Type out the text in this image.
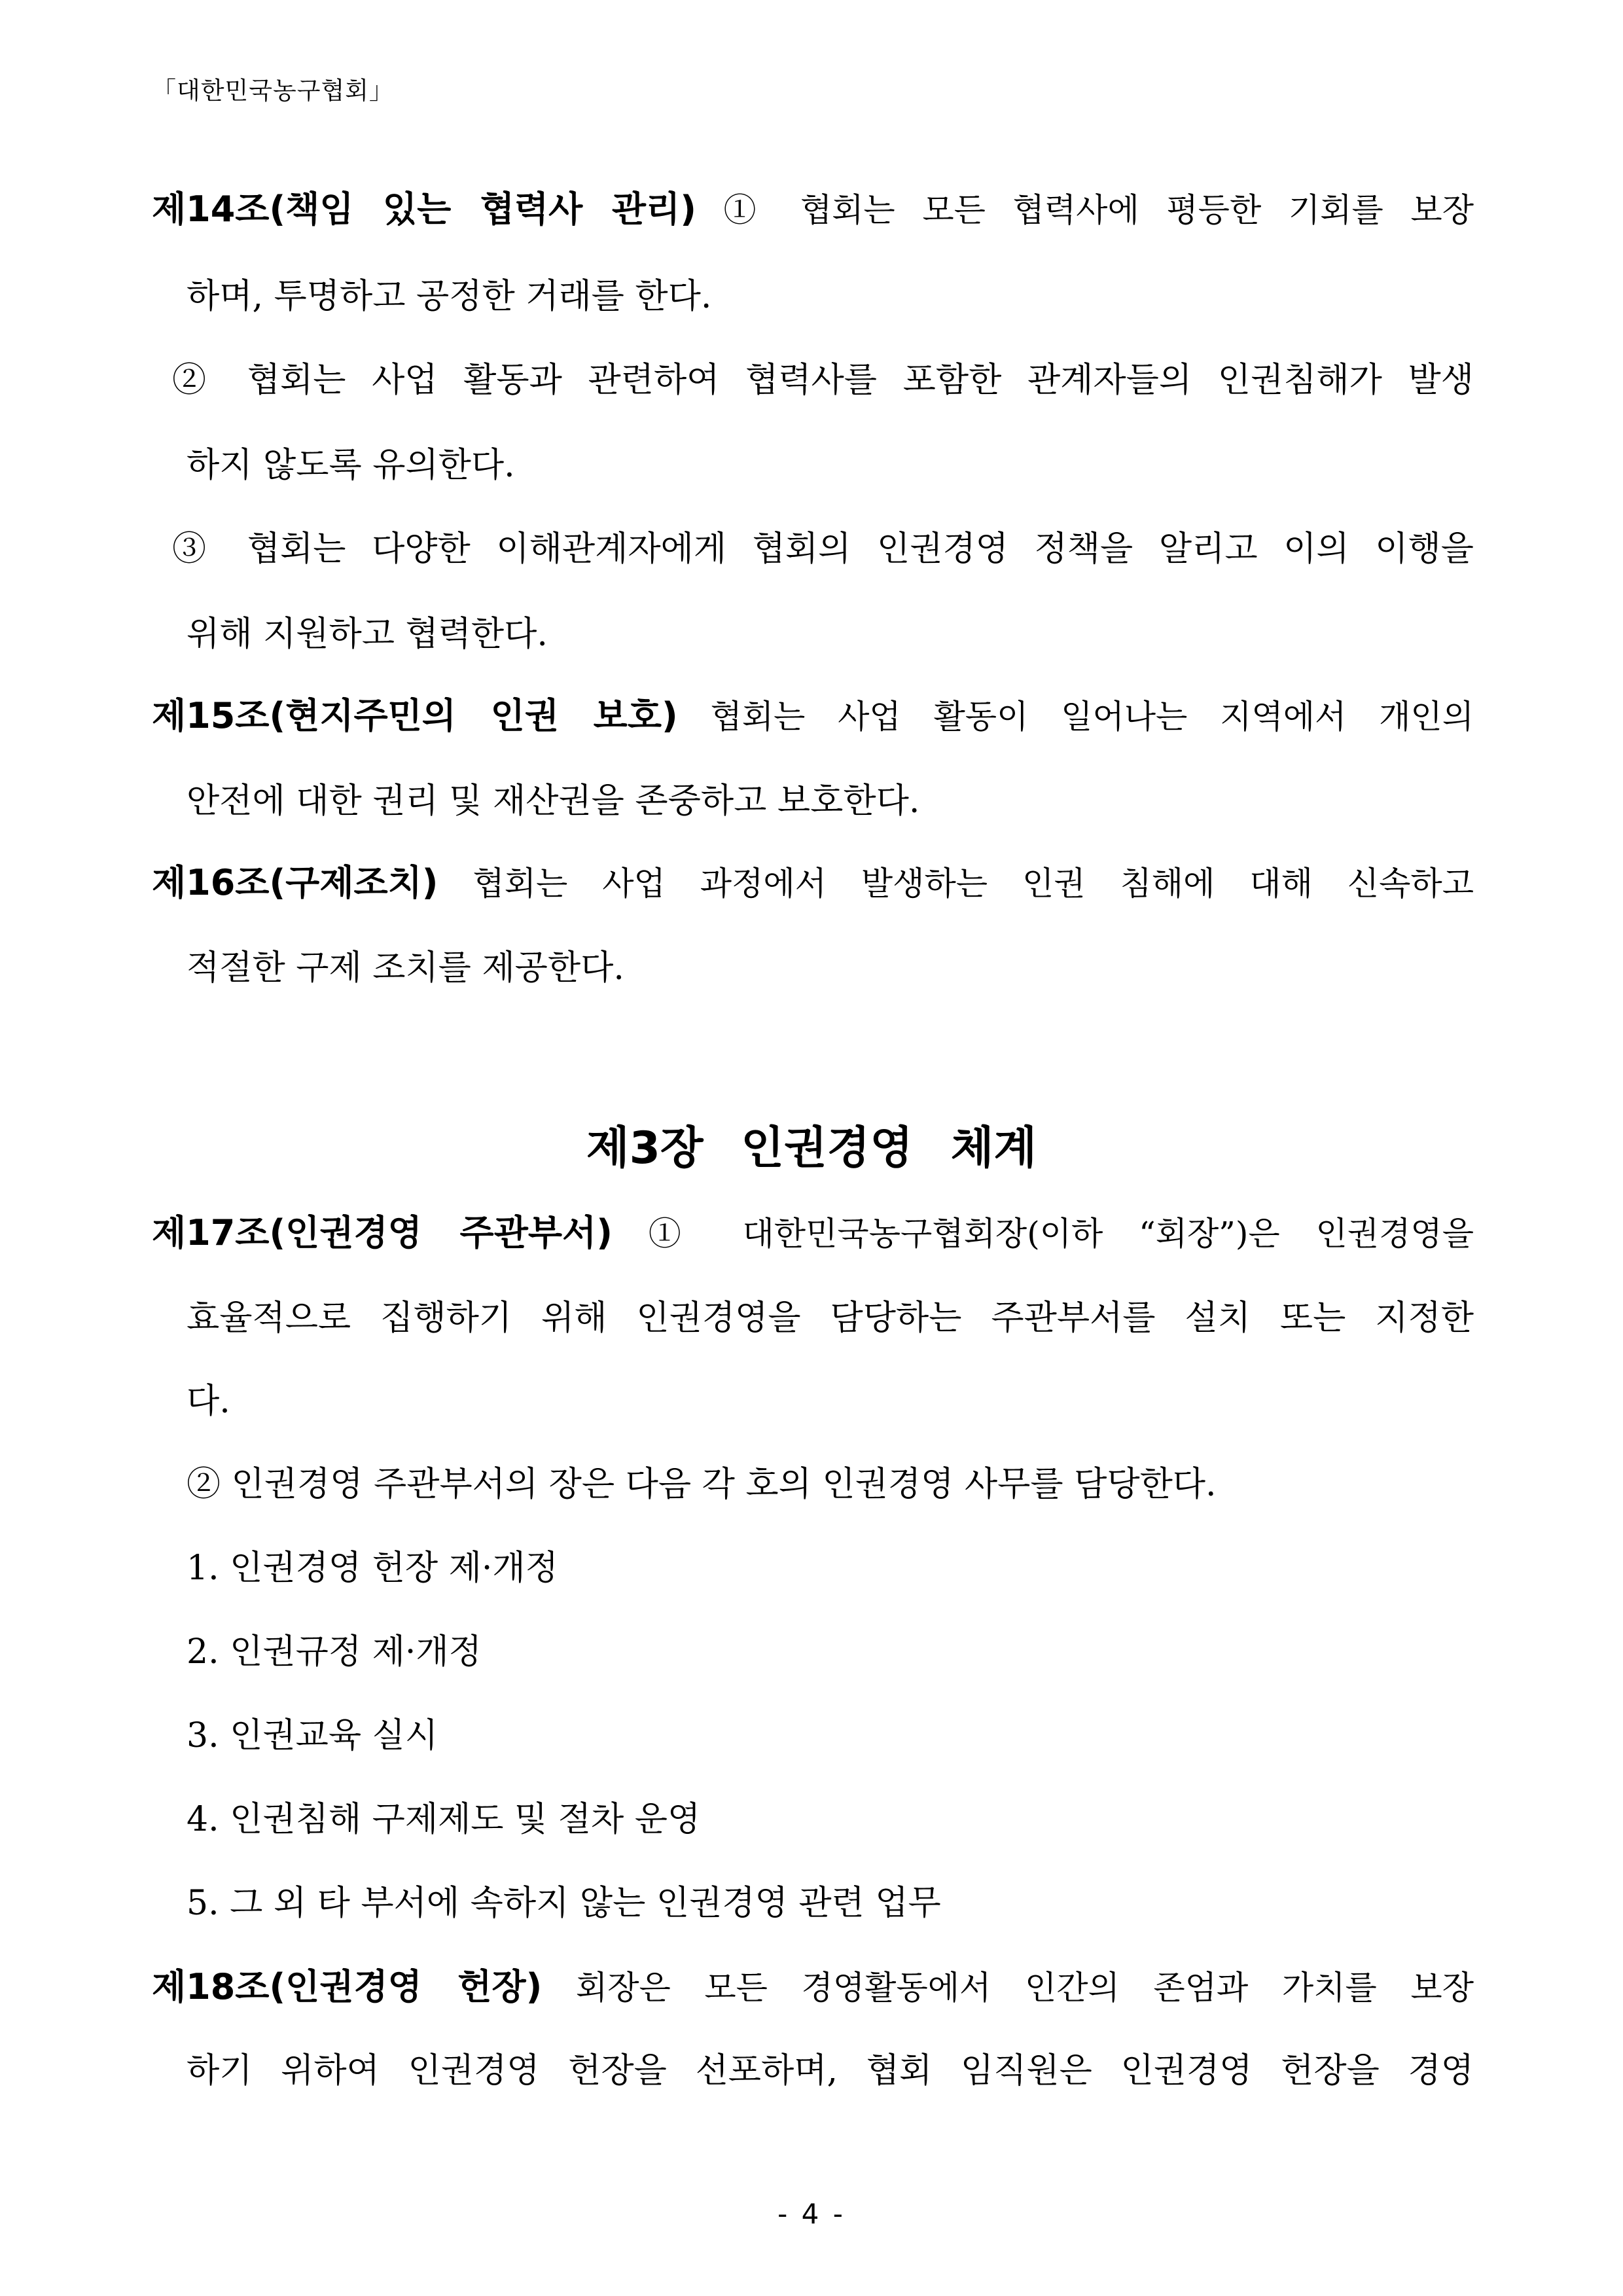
「대한민국농구협회」
제14조(책임 있는 협력사 관리) ① 협회는 모든 협력사에 평등한 기회를 보장
하며, 투명하고 공정한 거래를 한다.
② 협회는 사업 활동과 관련하여 협력사를 포함한 관계자들의 인권침해가 발생
하지 않도록 유의한다.
③ 협회는 다양한 이해관계자에게 협회의 인권경영 정책을 알리고 이의 이행을
위해 지원하고 협력한다.
제15조(현지주민의 인권 보호) 협회는 사업 활동이 일어나는 지역에서 개인의
안전에 대한 권리 및 재산권을 존중하고 보호한다.
제16조(구제조치) 협회는 사업 과정에서 발생하는 인권 침해에 대해 신속하고
적절한 구제 조치를 제공한다.
제3장 인권경영 체계
제17조(인권경영 주관부서) ① 대한민국농구협회장(이하 “회장”)은 인권경영을
효율적으로 집행하기 위해 인권경영을 담당하는 주관부서를 설치 또는 지정한
다.
② 인권경영 주관부서의 장은 다음 각 호의 인권경영 사무를 담당한다.
1. 인권경영 헌장 제·개정
2. 인권규정 제·개정
3. 인권교육 실시
4. 인권침해 구제제도 및 절차 운영
5. 그 외 타 부서에 속하지 않는 인권경영 관련 업무
제18조(인권경영 헌장) 회장은 모든 경영활동에서 인간의 존엄과 가치를 보장
하기 위하여 인권경영 헌장을 선포하며, 협회 임직원은 인권경영 헌장을 경영
- 4 -
